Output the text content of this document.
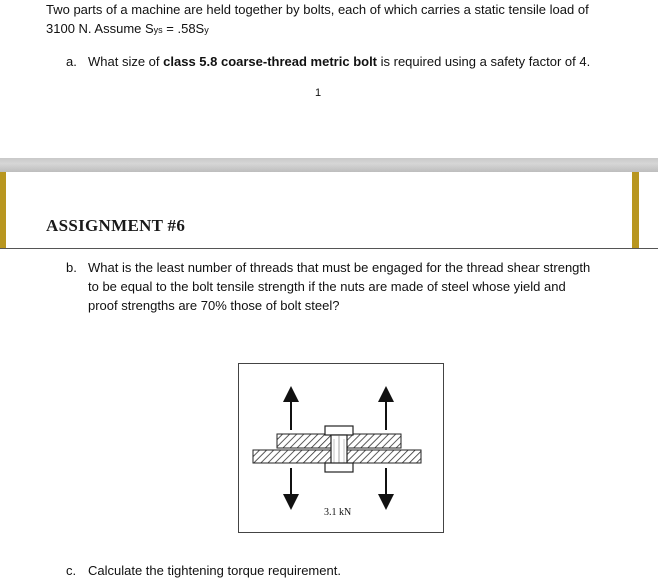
Two parts of a machine are held together by bolts, each of which carries a static tensile load of
3100 N. Assume Sys = .58Sy
a. What size of class 5.8 coarse-thread metric bolt is required using a safety factor of 4.
1
ASSIGNMENT #6
b. What is the least number of threads that must be engaged for the thread shear strength
to be equal to the bolt tensile strength if the nuts are made of steel whose yield and
proof strengths are 70% those of bolt steel?
3.1 kN
c. Calculate the tightening torque requirement.
